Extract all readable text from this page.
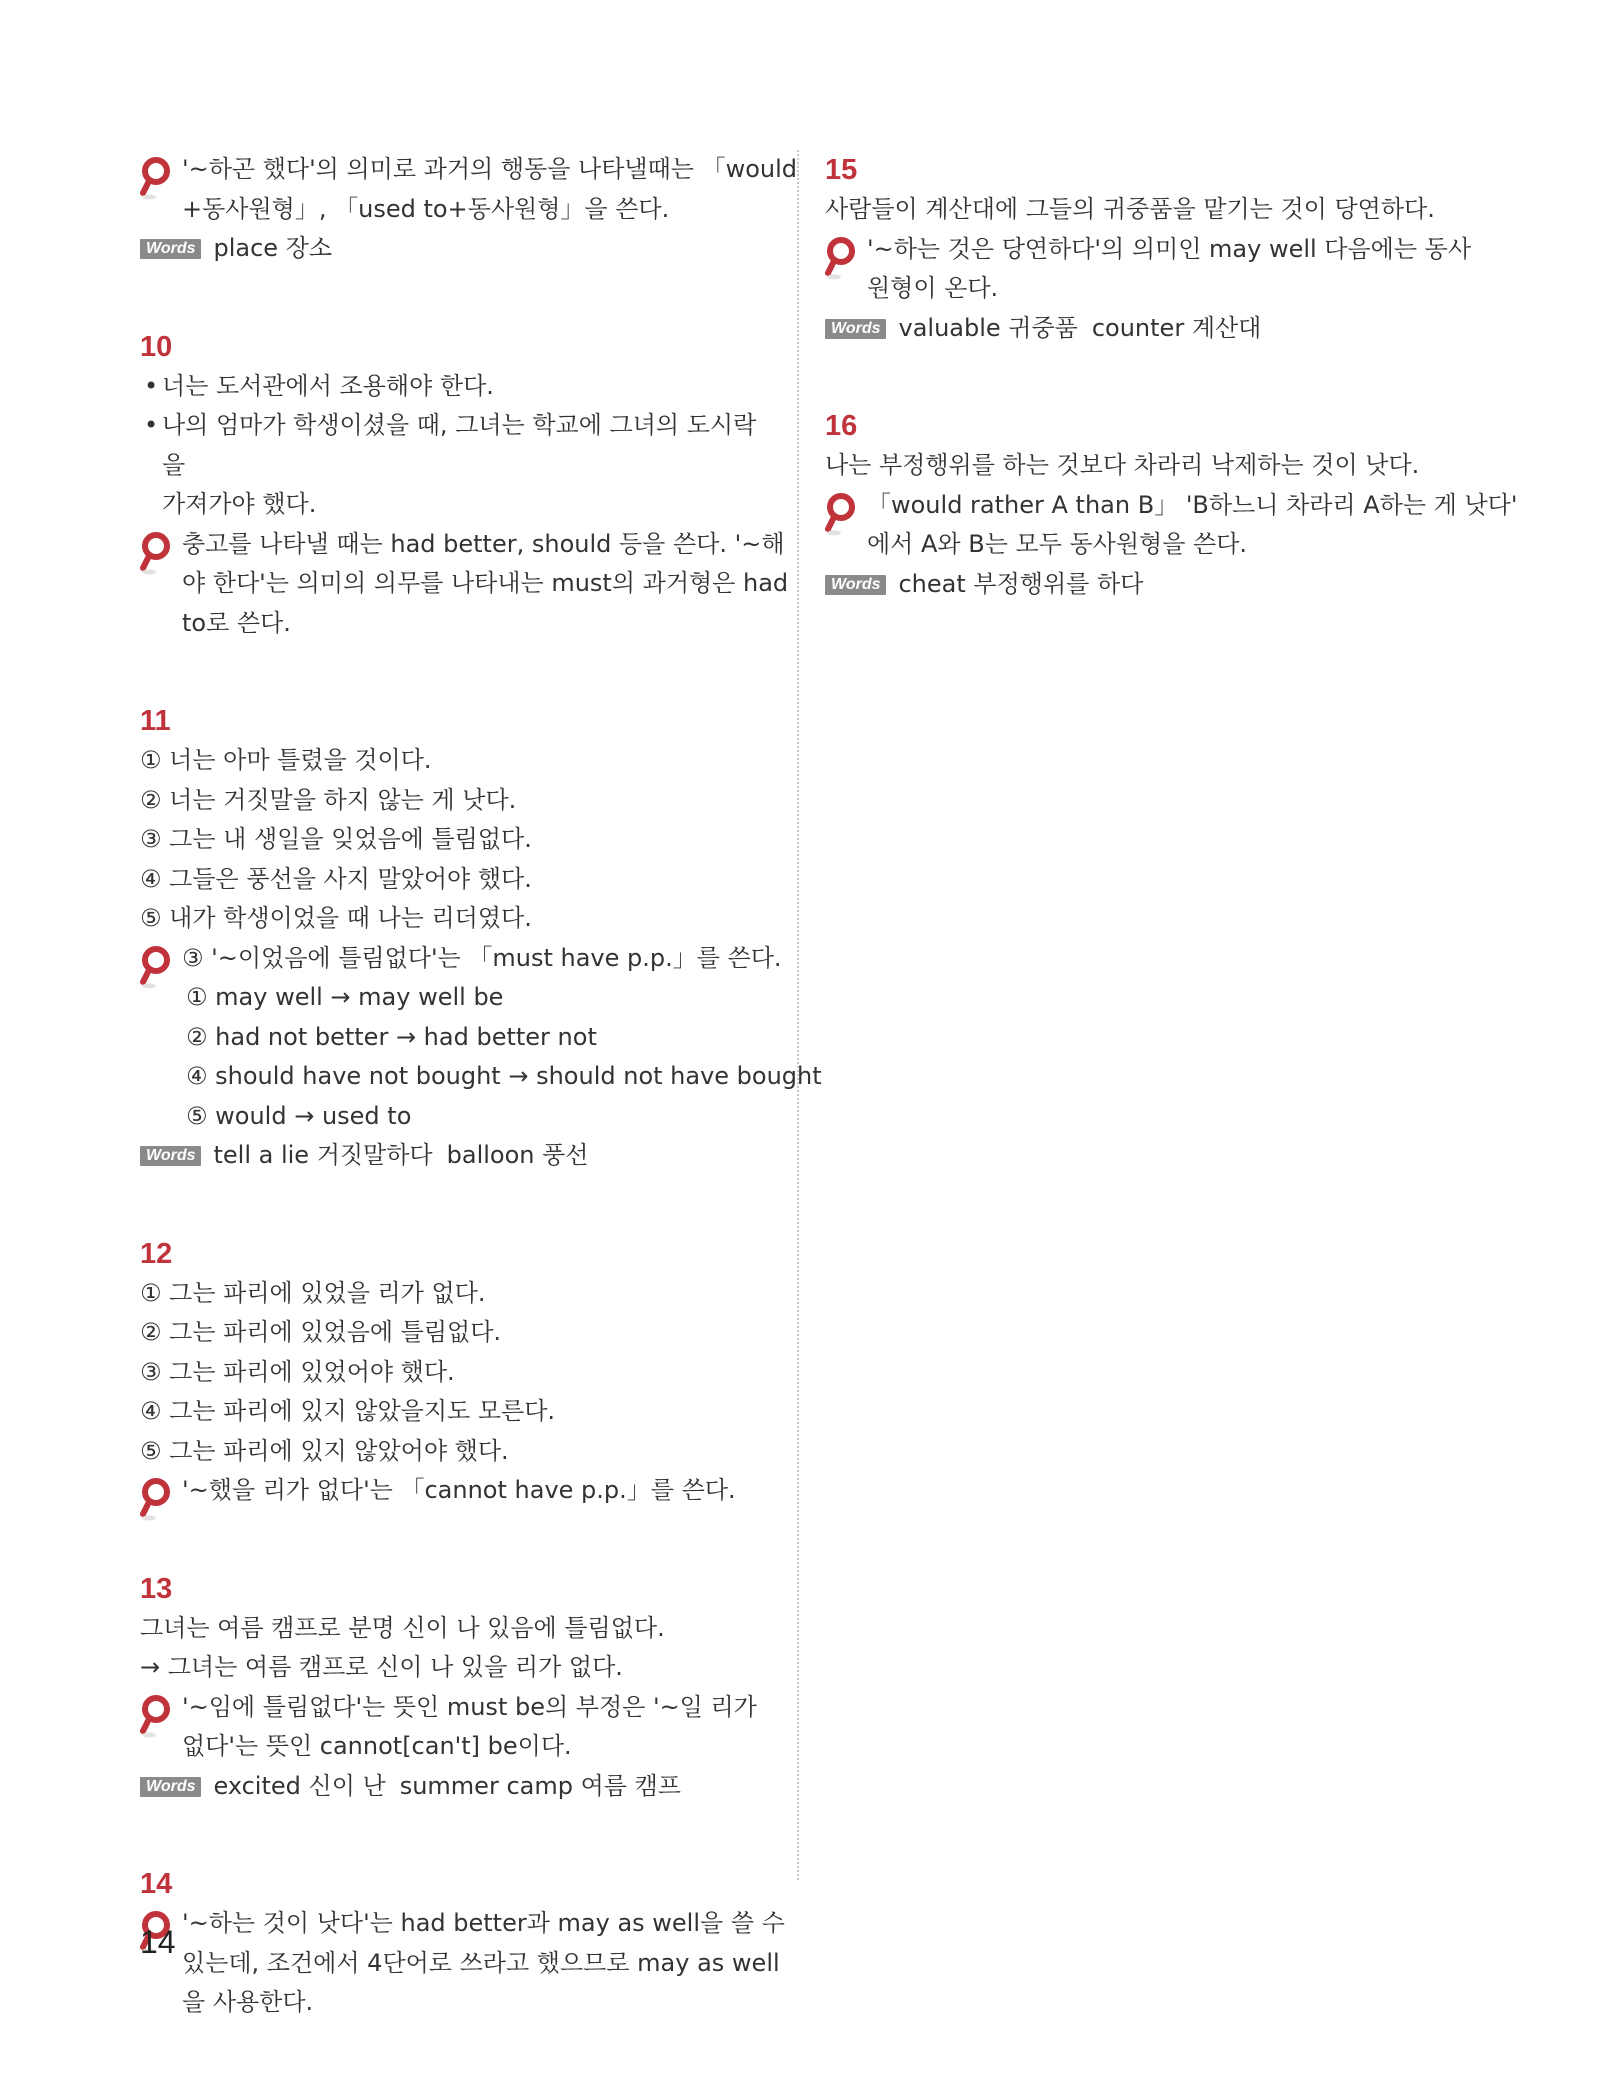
'~하곤 했다'의 의미로 과거의 행동을 나타낼때는 「would
+동사원형」, 「used to+동사원형」을 쓴다.
Words place 장소
10
• 너는 도서관에서 조용해야 한다.
• 나의 엄마가 학생이셨을 때, 그녀는 학교에 그녀의 도시락을
가져가야 했다.
충고를 나타낼 때는 had better, should 등을 쓴다. '~해
야 한다'는 의미의 의무를 나타내는 must의 과거형은 had
to로 쓴다.
11
① 너는 아마 틀렸을 것이다.
② 너는 거짓말을 하지 않는 게 낫다.
③ 그는 내 생일을 잊었음에 틀림없다.
④ 그들은 풍선을 사지 말았어야 했다.
⑤ 내가 학생이었을 때 나는 리더였다.
③ '~이었음에 틀림없다'는 「must have p.p.」를 쓴다.
① may well → may well be
② had not better → had better not
④ should have not bought → should not have bought
⑤ would → used to
Words tell a lie 거짓말하다 balloon 풍선
12
① 그는 파리에 있었을 리가 없다.
② 그는 파리에 있었음에 틀림없다.
③ 그는 파리에 있었어야 했다.
④ 그는 파리에 있지 않았을지도 모른다.
⑤ 그는 파리에 있지 않았어야 했다.
'~했을 리가 없다'는 「cannot have p.p.」를 쓴다.
13
그녀는 여름 캠프로 분명 신이 나 있음에 틀림없다.
→ 그녀는 여름 캠프로 신이 나 있을 리가 없다.
'~임에 틀림없다'는 뜻인 must be의 부정은 '~일 리가
없다'는 뜻인 cannot[can't] be이다.
Words excited 신이 난 summer camp 여름 캠프
14
'~하는 것이 낫다'는 had better과 may as well을 쓸 수
있는데, 조건에서 4단어로 쓰라고 했으므로 may as well
을 사용한다.
15
사람들이 계산대에 그들의 귀중품을 맡기는 것이 당연하다.
'~하는 것은 당연하다'의 의미인 may well 다음에는 동사
원형이 온다.
Words valuable 귀중품 counter 계산대
16
나는 부정행위를 하는 것보다 차라리 낙제하는 것이 낫다.
「would rather A than B」 'B하느니 차라리 A하는 게 낫다'
에서 A와 B는 모두 동사원형을 쓴다.
Words cheat 부정행위를 하다
14
